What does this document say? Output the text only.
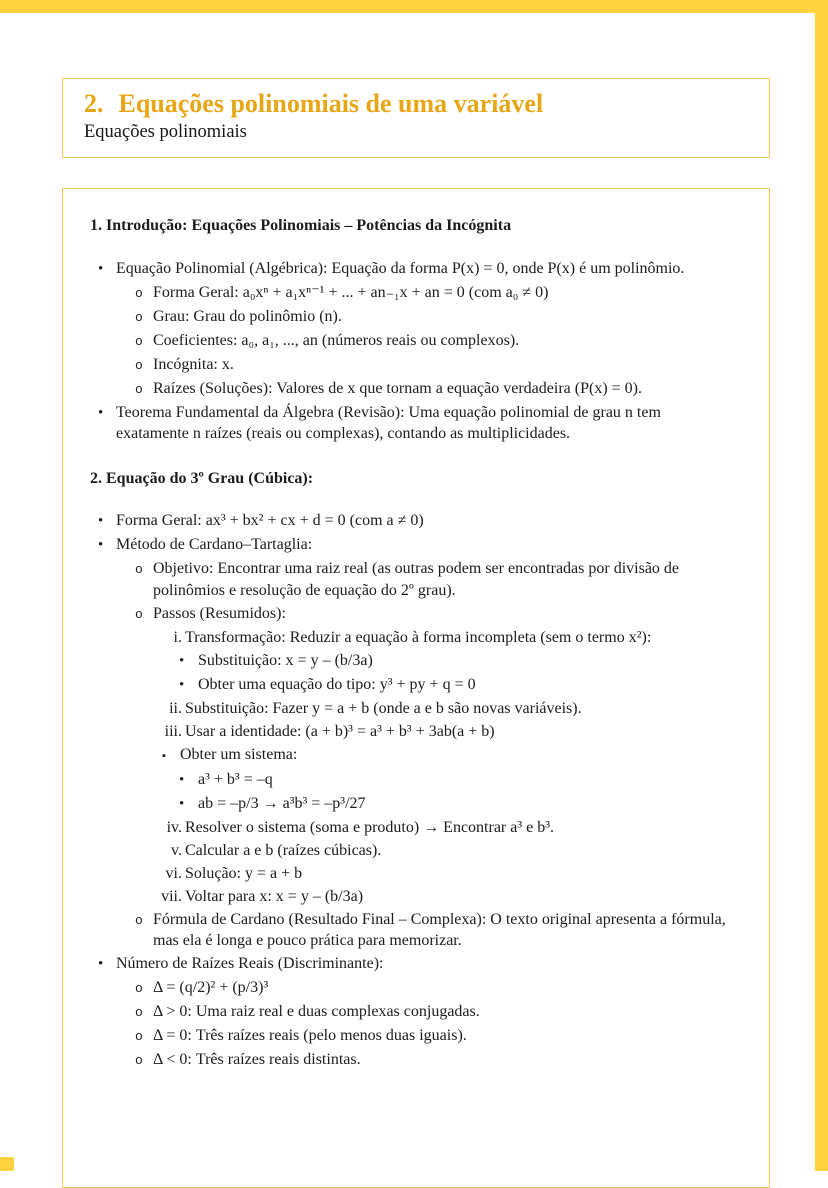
2. Equações polinomiais de uma variável
Equações polinomiais
1. Introdução: Equações Polinomiais – Potências da Incógnita
• Equação Polinomial (Algébrica): Equação da forma P(x) = 0, onde P(x) é um polinômio.
o Forma Geral: a₀xⁿ + a₁xⁿ⁻¹ + ... + an₋₁x + an = 0 (com a₀ ≠ 0)
o Grau: Grau do polinômio (n).
o Coeficientes: a₀, a₁, ..., an (números reais ou complexos).
o Incógnita: x.
o Raízes (Soluções): Valores de x que tornam a equação verdadeira (P(x) = 0).
• Teorema Fundamental da Álgebra (Revisão): Uma equação polinomial de grau n tem exatamente n raízes (reais ou complexas), contando as multiplicidades.
2. Equação do 3º Grau (Cúbica):
• Forma Geral: ax³ + bx² + cx + d = 0 (com a ≠ 0)
• Método de Cardano–Tartaglia:
o Objetivo: Encontrar uma raiz real (as outras podem ser encontradas por divisão de polinômios e resolução de equação do 2º grau).
o Passos (Resumidos):
i. Transformação: Reduzir a equação à forma incompleta (sem o termo x²):
• Substituição: x = y – (b/3a)
• Obter uma equação do tipo: y³ + py + q = 0
ii. Substituição: Fazer y = a + b (onde a e b são novas variáveis).
iii. Usar a identidade: (a + b)³ = a³ + b³ + 3ab(a + b)
▪ Obter um sistema:
• a³ + b³ = –q
• ab = –p/3 → a³b³ = –p³/27
iv. Resolver o sistema (soma e produto) → Encontrar a³ e b³.
v. Calcular a e b (raízes cúbicas).
vi. Solução: y = a + b
vii. Voltar para x: x = y – (b/3a)
o Fórmula de Cardano (Resultado Final – Complexa): O texto original apresenta a fórmula, mas ela é longa e pouco prática para memorizar.
• Número de Raízes Reais (Discriminante):
o Δ = (q/2)² + (p/3)³
o Δ > 0: Uma raiz real e duas complexas conjugadas.
o Δ = 0: Três raízes reais (pelo menos duas iguais).
o Δ < 0: Três raízes reais distintas.
